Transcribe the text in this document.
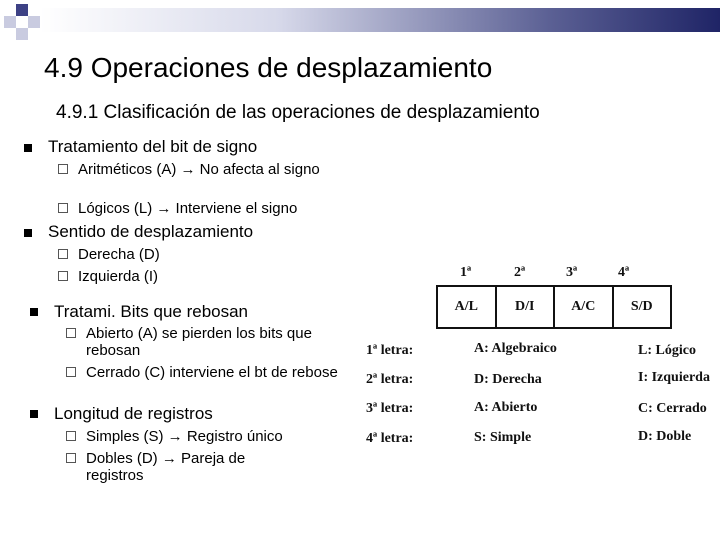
4.9 Operaciones de desplazamiento
4.9.1 Clasificación de las operaciones de desplazamiento
Tratamiento del bit de signo
Aritméticos (A) → No afecta al signo
Lógicos (L) → Interviene el signo
Sentido de desplazamiento
Derecha (D)
Izquierda (I)
Tratami. Bits que rebosan
Abierto (A) se pierden los bits que rebosan
Cerrado (C) interviene el bt de rebose
Longitud de registros
Simples (S) → Registro único
Dobles (D) → Pareja de registros
1ª	2ª	3ª	4ª
A/L	D/I	A/C	S/D
1ª letra:	A: Algebraico	L: Lógico
2ª letra:	D: Derecha	I: Izquierda
3ª letra:	A: Abierto	C: Cerrado
4ª letra:	S: Simple	D: Doble
